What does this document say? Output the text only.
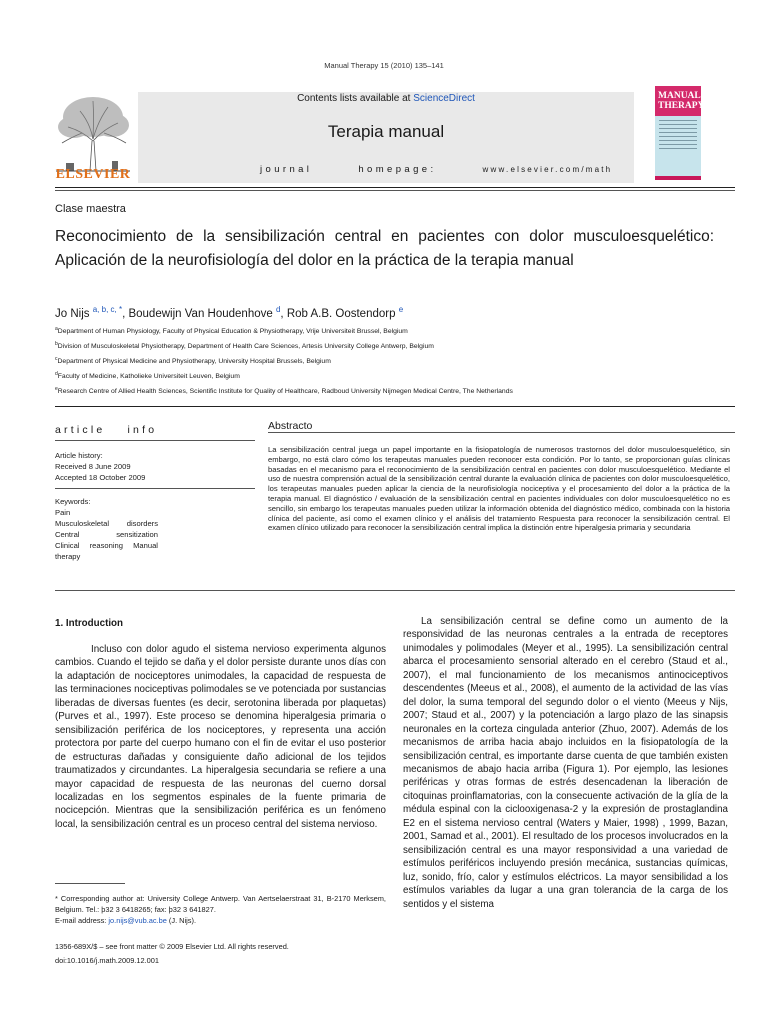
Manual Therapy 15 (2010) 135–141
ELSEVIER
Contents lists available at ScienceDirect
Terapia manual
journal homepage:	www.elsevier.com/math
MANUAL THERAPY
Clase maestra
Reconocimiento de la sensibilización central en pacientes con dolor musculoesquelético: Aplicación de la neurofisiología del dolor en la práctica de la terapia manual
Jo Nijs $^{a, b, c, *}$, Boudewijn Van Houdenhove $^d$, Rob A.B. Oostendorp $^e$
$^a$Department of Human Physiology, Faculty of Physical Education & Physiotherapy, Vrije Universiteit Brussel, Belgium
$^b$Division of Musculoskeletal Physiotherapy, Department of Health Care Sciences, Artesis University College Antwerp, Belgium
$^c$Department of Physical Medicine and Physiotherapy, University Hospital Brussels, Belgium
$^d$Faculty of Medicine, Katholieke Universiteit Leuven, Belgium
$^e$Research Centre of Allied Health Sciences, Scientific Institute for Quality of Healthcare, Radboud University Nijmegen Medical Centre, The Netherlands
article info	Abstracto
Article history:
Received 8 June 2009
Accepted 18 October 2009
Keywords:
Pain
Musculoskeletal disorders
Central sensitization
Clinical reasoning Manual
therapy
La sensibilización central juega un papel importante en la fisiopatología de numerosos trastornos del dolor musculoesquelético, sin embargo, no está claro cómo los terapeutas manuales pueden reconocer esta condición. Por lo tanto, se proporcionan guías clínicas basadas en el mecanismo para el reconocimiento de la sensibilización central en pacientes con dolor musculoesquelético. Mediante el uso de nuestra comprensión actual de la sensibilización central durante la evaluación clínica de pacientes con dolor musculoesquelético, los terapeutas manuales pueden aplicar la ciencia de la neurofisiología nociceptiva y el procesamiento del dolor a la práctica de la terapia manual. El diagnóstico / evaluación de la sensibilización central en pacientes individuales con dolor musculoesquelético no es sencillo, sin embargo los terapeutas manuales pueden utilizar la información obtenida del diagnóstico médico, combinada con la historia clínica del paciente, así como el examen clínico y el análisis del tratamiento Respuesta para reconocer la sensibilización central. El examen clínico utilizado para reconocer la sensibilización central implica la distinción entre hiperalgesia primaria y secundaria
1. Introduction
Incluso con dolor agudo el sistema nervioso experimenta algunos cambios. Cuando el tejido se daña y el dolor persiste durante unos días con la adaptación de nociceptores unimodales, la capacidad de respuesta de las terminaciones nociceptivas polimodales se ve potenciada por sustancias liberadas de diversas fuentes (es decir, serotonina liberada por plaquetas) (Purves et al., 1997). Este proceso se denomina hiperalgesia primaria o sensibilización periférica de los nociceptores, y representa una acción protectora por parte del cuerpo humano con el fin de evitar el uso posterior de estructuras dañadas y consiguiente daño adicional de los tejidos traumatizados y circundantes. La hiperalgesia secundaria se refiere a una mayor capacidad de respuesta de las neuronas del cuerno dorsal localizadas en los segmentos espinales de la fuente primaria de nocicepción. Mientras que la sensibilización periférica es un fenómeno local, la sensibilización central es un proceso central del sistema nervioso.
La sensibilización central se define como un aumento de la responsividad de las neuronas centrales a la entrada de receptores unimodales y polimodales (Meyer et al., 1995). La sensibilización central abarca el procesamiento sensorial alterado en el cerebro (Staud et al., 2007), el mal funcionamiento de los mecanismos antinociceptivos descendentes (Meeus et al., 2008), el aumento de la actividad de las vías del dolor, la suma temporal del segundo dolor o el viento (Meeus y Nijs, 2007; Staud et al., 2007) y la potenciación a largo plazo de las sinapsis neuronales en la corteza cingulada anterior (Zhuo, 2007). Además de los mecanismos de arriba hacia abajo incluidos en la fisiopatología de la sensibilización central, es importante darse cuenta de que también existen mecanismos de abajo hacia arriba (Figura 1). Por ejemplo, las lesiones periféricas y otras formas de estrés desencadenan la liberación de citoquinas proinflamatorias, con la consecuente activación de la glía de la médula espinal con la ciclooxigenasa-2 y la expresión de prostaglandina E2 en el sistema nervioso central (Waters y Maier, 1998) , 1999, Bazan, 2001, Samad et al., 2001). El resultado de los procesos involucrados en la sensibilización central es una mayor responsividad a una variedad de estímulos periféricos incluyendo presión mecánica, sustancias químicas, luz, sonido, frío, calor y estímulos eléctricos. La mayor sensibilidad a los estímulos variables da lugar a una gran tolerancia de la carga de los sentidos y el sistema
* Corresponding author at: University College Antwerp. Van Aertselaerstraat 31, B-2170 Merksem, Belgium. Tel.: þ32 3 6418265; fax: þ32 3 641827.
E-mail address: jo.nijs@vub.ac.be (J. Nijs).
1356-689X/$ – see front matter © 2009 Elsevier Ltd. All rights reserved.
doi:10.1016/j.math.2009.12.001
